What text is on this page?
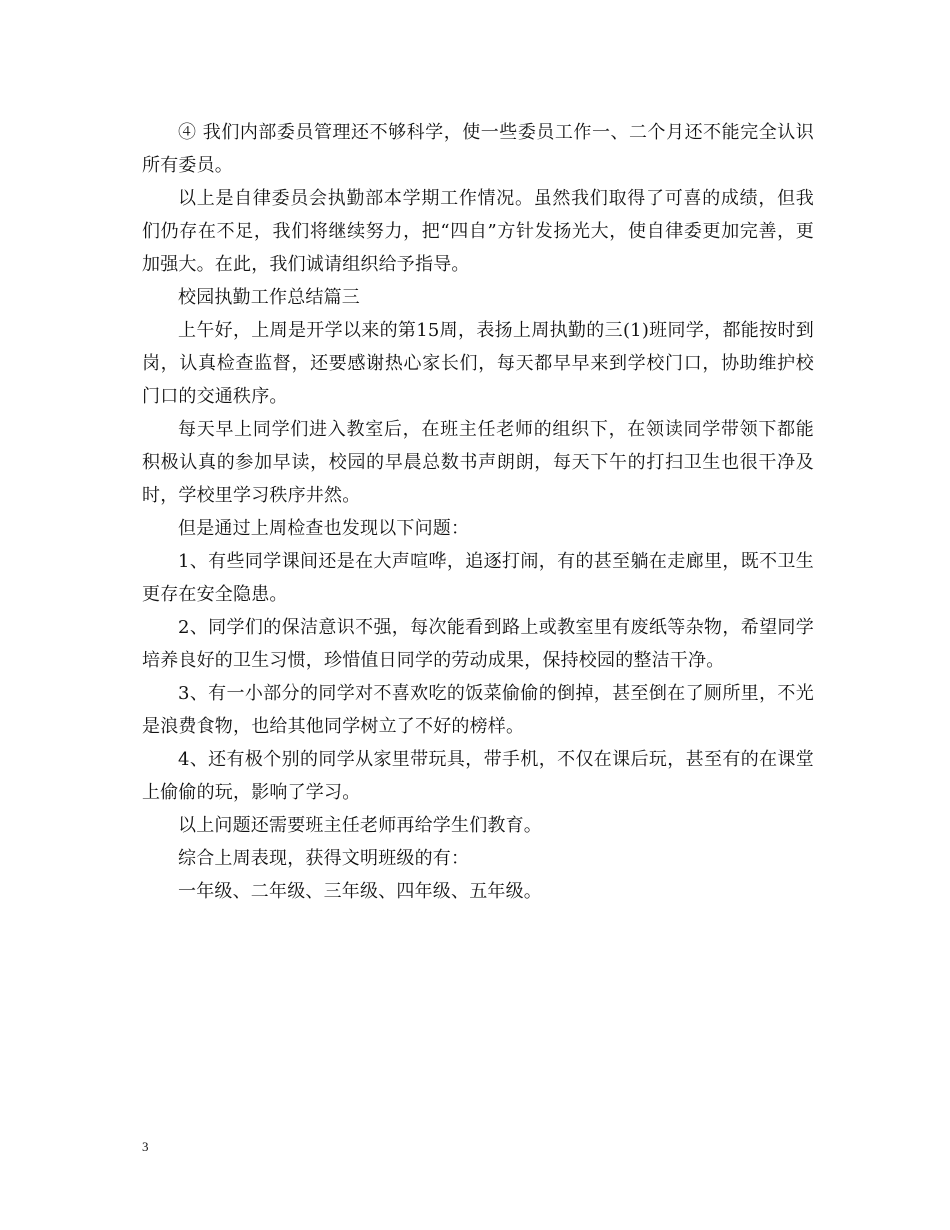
④ 我们内部委员管理还不够科学，使一些委员工作一、二个月还不能完全认识所有委员。

以上是自律委员会执勤部本学期工作情况。虽然我们取得了可喜的成绩，但我们仍存在不足，我们将继续努力，把“四自”方针发扬光大，使自律委更加完善，更加强大。在此，我们诚请组织给予指导。

校园执勤工作总结篇三

上午好，上周是开学以来的第15周，表扬上周执勤的三(1)班同学，都能按时到岗，认真检查监督，还要感谢热心家长们，每天都早早来到学校门口，协助维护校门口的交通秩序。

每天早上同学们进入教室后，在班主任老师的组织下，在领读同学带领下都能积极认真的参加早读，校园的早晨总数书声朗朗，每天下午的打扫卫生也很干净及时，学校里学习秩序井然。

但是通过上周检查也发现以下问题：

1、有些同学课间还是在大声喧哗，追逐打闹，有的甚至躺在走廊里，既不卫生更存在安全隐患。

2、同学们的保洁意识不强，每次能看到路上或教室里有废纸等杂物，希望同学培养良好的卫生习惯，珍惜值日同学的劳动成果，保持校园的整洁干净。

3、有一小部分的同学对不喜欢吃的饭菜偷偷的倒掉，甚至倒在了厕所里，不光是浪费食物，也给其他同学树立了不好的榜样。

4、还有极个别的同学从家里带玩具，带手机，不仅在课后玩，甚至有的在课堂上偷偷的玩，影响了学习。

以上问题还需要班主任老师再给学生们教育。

综合上周表现，获得文明班级的有：

一年级、二年级、三年级、四年级、五年级。

3
